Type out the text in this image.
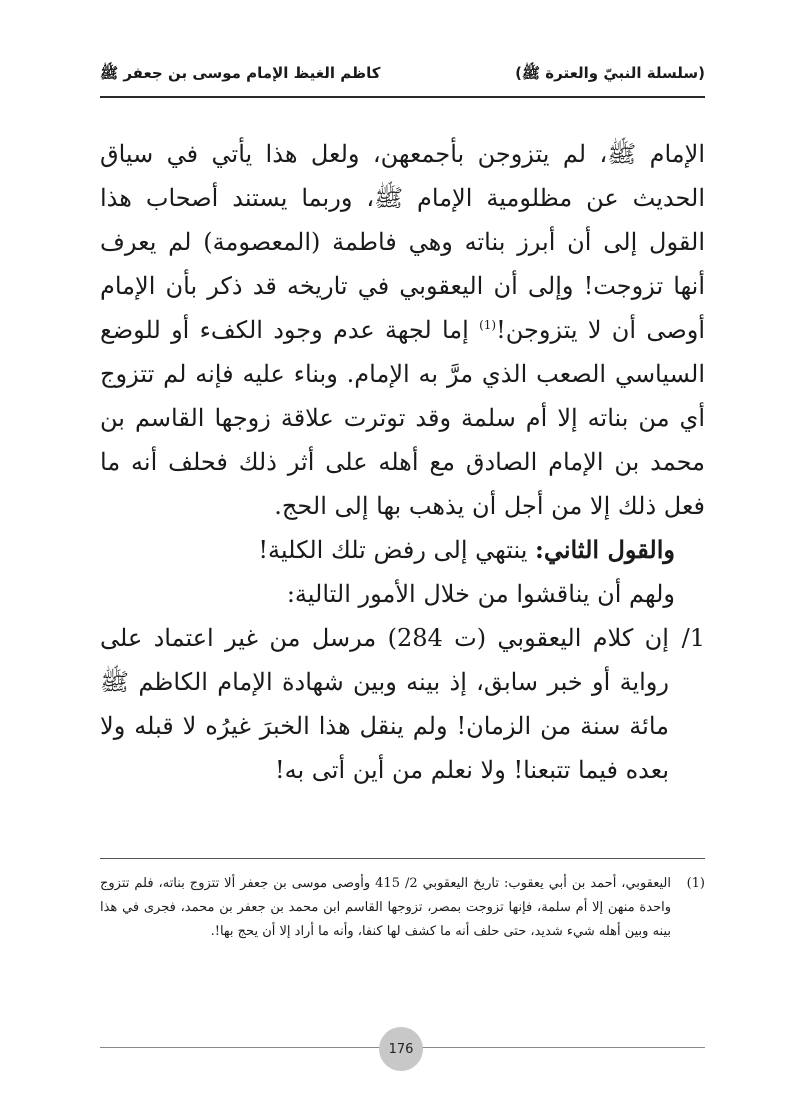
(سلسلة النبيّ والعترة ﷺ)
كاظم الغيظ الإمام موسى بن جعفر ﷺ

الإمام ﷺ، لم يتزوجن بأجمعهن، ولعل هذا يأتي في سياق الحديث عن مظلومية الإمام ﷺ، وربما يستند أصحاب هذا القول إلى أن أبرز بناته وهي فاطمة (المعصومة) لم يعرف أنها تزوجت! وإلى أن اليعقوبي في تاريخه قد ذكر بأن الإمام أوصى أن لا يتزوجن!$^{(1)}$ إما لجهة عدم وجود الكفء أو للوضع السياسي الصعب الذي مرَّ به الإمام. وبناء عليه فإنه لم تتزوج أي من بناته إلا أم سلمة وقد توترت علاقة زوجها القاسم بن محمد بن الإمام الصادق مع أهله على أثر ذلك فحلف أنه ما فعل ذلك إلا من أجل أن يذهب بها إلى الحج.

والقول الثاني: ينتهي إلى رفض تلك الكلية!

ولهم أن يناقشوا من خلال الأمور التالية:

1/
إن كلام اليعقوبي (ت 284) مرسل من غير اعتماد على رواية أو خبر سابق، إذ بينه وبين شهادة الإمام الكاظم ﷺ مائة سنة من الزمان! ولم ينقل هذا الخبرَ غيرُه لا قبله ولا بعده فيما تتبعنا! ولا نعلم من أين أتى به!
(1)
اليعقوبي، أحمد بن أبي يعقوب: تاريخ اليعقوبي 2/ 415 وأوصى موسى بن جعفر ألا تتزوج بناته، فلم تتزوج واحدة منهن إلا أم سلمة، فإنها تزوجت بمصر، تزوجها القاسم ابن محمد بن جعفر بن محمد، فجرى في هذا بينه وبين أهله شيء شديد، حتى حلف أنه ما كشف لها كنفا، وأنه ما أراد إلا أن يحج بها!.
176
